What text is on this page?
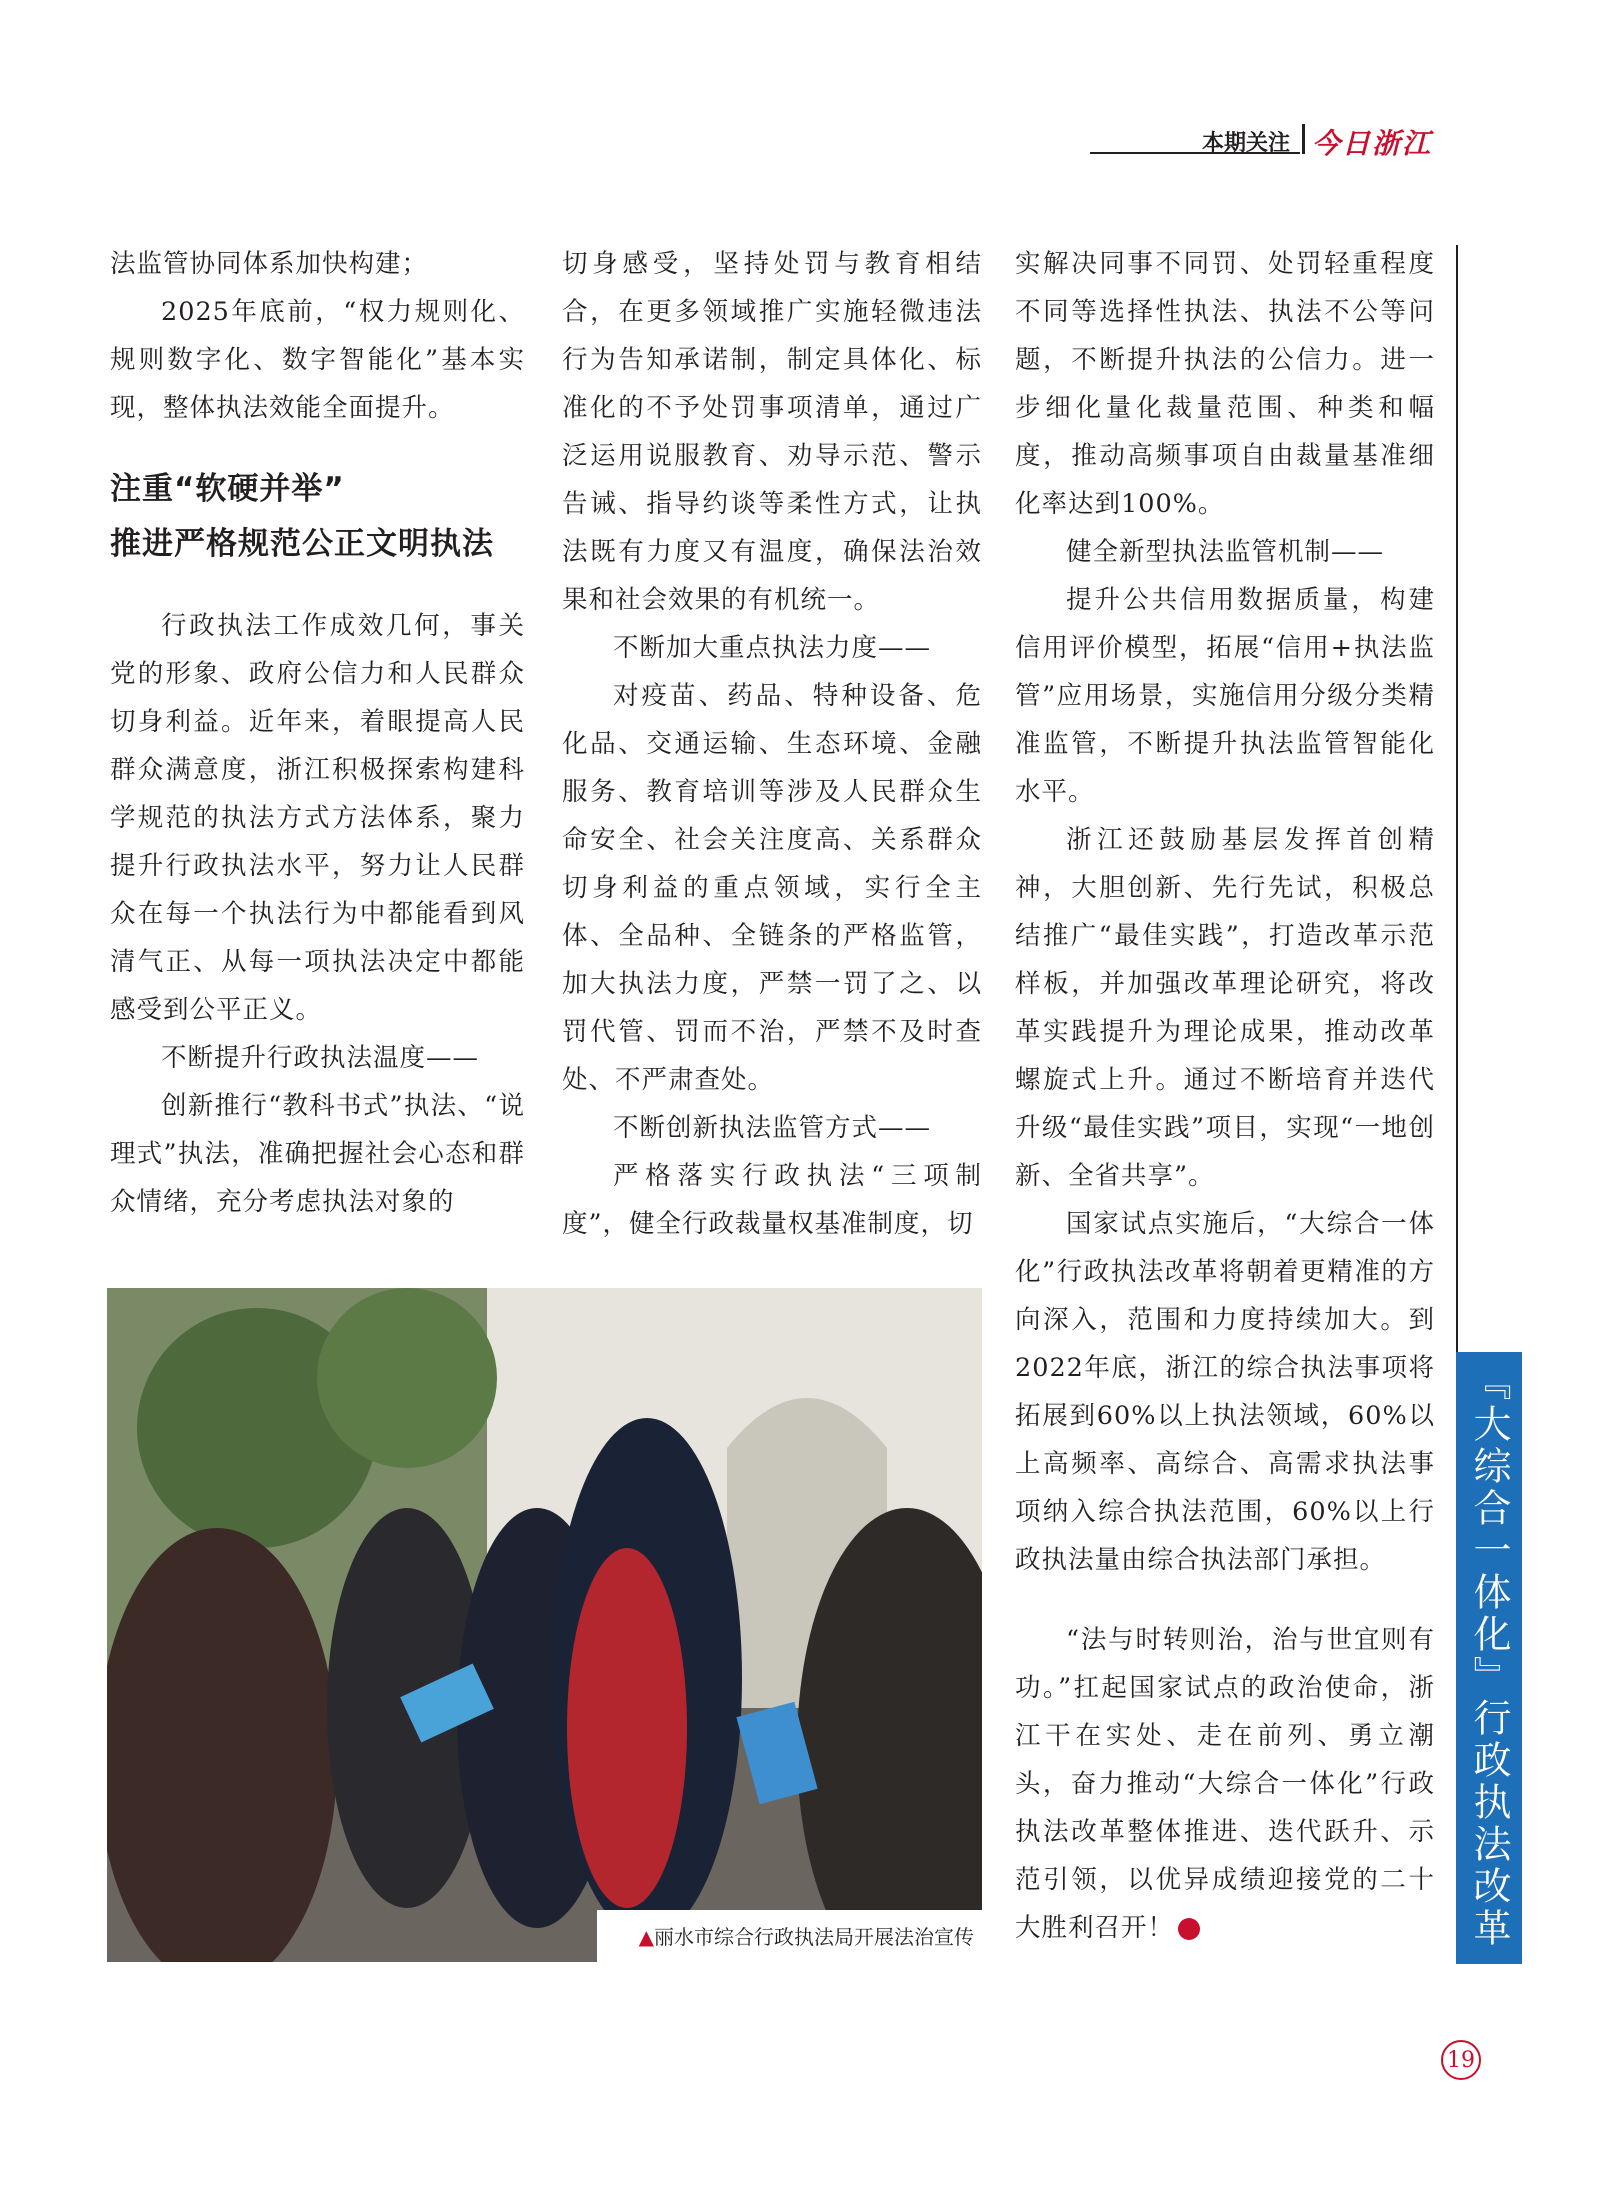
本期关注 今日浙江

法监管协同体系加快构建；

2025年底前，“权力规则化、规则数字化、数字智能化”基本实现，整体执法效能全面提升。

注重“软硬并举”
推进严格规范公正文明执法

行政执法工作成效几何，事关党的形象、政府公信力和人民群众切身利益。近年来，着眼提高人民群众满意度，浙江积极探索构建科学规范的执法方式方法体系，聚力提升行政执法水平，努力让人民群众在每一个执法行为中都能看到风清气正、从每一项执法决定中都能感受到公平正义。

不断提升行政执法温度——

创新推行“教科书式”执法、“说理式”执法，准确把握社会心态和群众情绪，充分考虑执法对象的

切身感受，坚持处罚与教育相结合，在更多领域推广实施轻微违法行为告知承诺制，制定具体化、标准化的不予处罚事项清单，通过广泛运用说服教育、劝导示范、警示告诫、指导约谈等柔性方式，让执法既有力度又有温度，确保法治效果和社会效果的有机统一。

不断加大重点执法力度——

对疫苗、药品、特种设备、危化品、交通运输、生态环境、金融服务、教育培训等涉及人民群众生命安全、社会关注度高、关系群众切身利益的重点领域，实行全主体、全品种、全链条的严格监管，加大执法力度，严禁一罚了之、以罚代管、罚而不治，严禁不及时查处、不严肃查处。

不断创新执法监管方式——

严格落实行政执法“三项制度”，健全行政裁量权基准制度，切

实解决同事不同罚、处罚轻重程度不同等选择性执法、执法不公等问题，不断提升执法的公信力。进一步细化量化裁量范围、种类和幅度，推动高频事项自由裁量基准细化率达到100%。

健全新型执法监管机制——

提升公共信用数据质量，构建信用评价模型，拓展“信用+执法监管”应用场景，实施信用分级分类精准监管，不断提升执法监管智能化水平。

浙江还鼓励基层发挥首创精神，大胆创新、先行先试，积极总结推广“最佳实践”，打造改革示范样板，并加强改革理论研究，将改革实践提升为理论成果，推动改革螺旋式上升。通过不断培育并迭代升级“最佳实践”项目，实现“一地创新、全省共享”。

国家试点实施后，“大综合一体化”行政执法改革将朝着更精准的方向深入，范围和力度持续加大。到2022年底，浙江的综合执法事项将拓展到60%以上执法领域，60%以上高频率、高综合、高需求执法事项纳入综合执法范围，60%以上行政执法量由综合执法部门承担。

“法与时转则治，治与世宜则有功。”扛起国家试点的政治使命，浙江干在实处、走在前列、勇立潮头，奋力推动“大综合一体化”行政执法改革整体推进、迭代跃升、示范引领，以优异成绩迎接党的二十大胜利召开！

▲丽水市综合行政执法局开展法治宣传	『大综合一体化』行政执法改革
19
